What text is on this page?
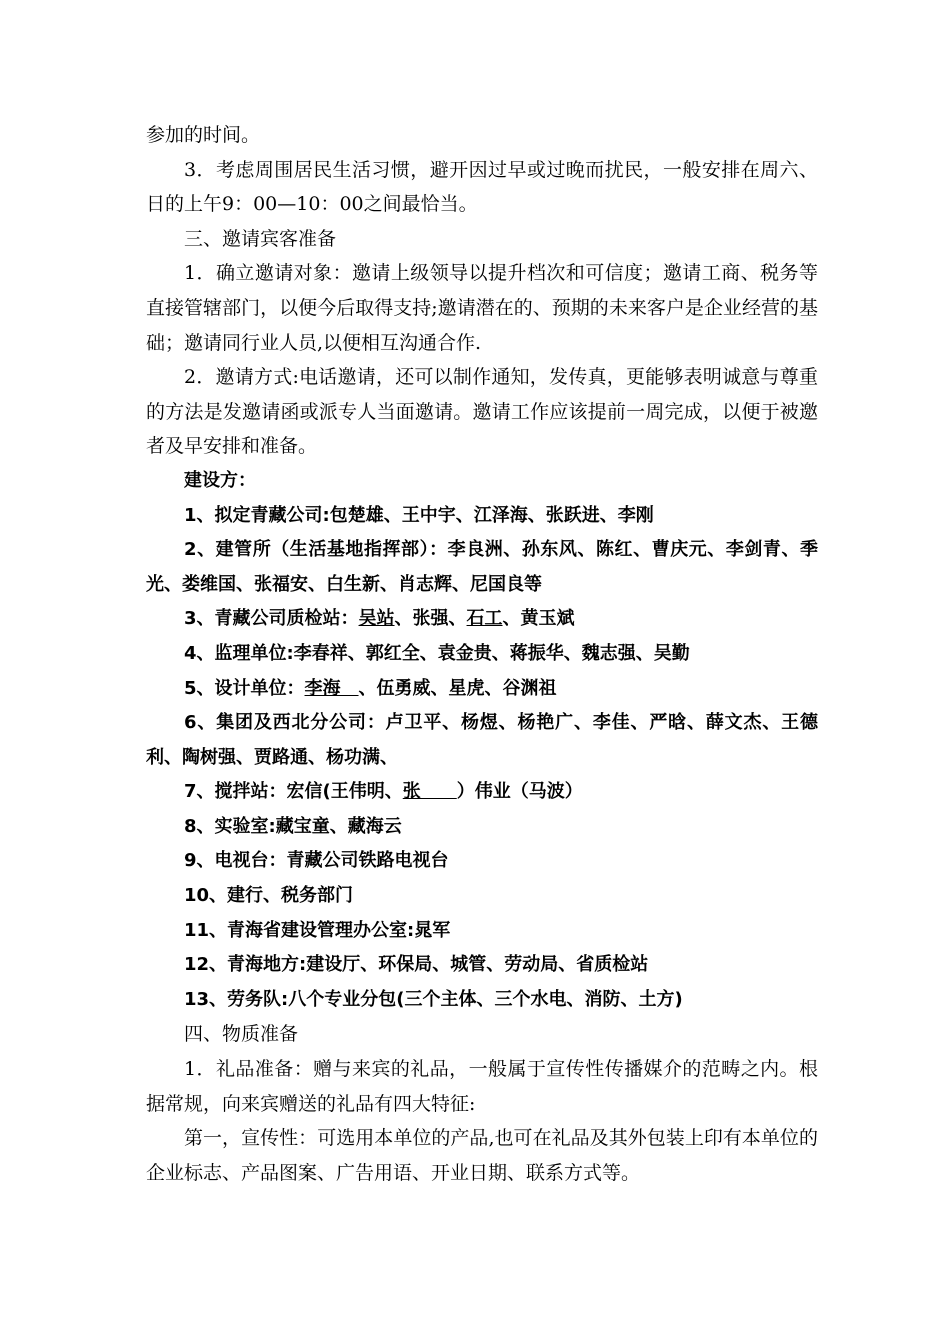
参加的时间。

3．考虑周围居民生活习惯，避开因过早或过晚而扰民，一般安排在周六、日的上午9：00—10：00之间最恰当。

三、邀请宾客准备

1．确立邀请对象：邀请上级领导以提升档次和可信度；邀请工商、税务等直接管辖部门，以便今后取得支持;邀请潜在的、预期的未来客户是企业经营的基础；邀请同行业人员,以便相互沟通合作.

2．邀请方式:电话邀请，还可以制作通知，发传真，更能够表明诚意与尊重的方法是发邀请函或派专人当面邀请。邀请工作应该提前一周完成，以便于被邀者及早安排和准备。

建设方：

1、拟定青藏公司:包楚雄、王中宇、江泽海、张跃进、李刚

2、建管所（生活基地指挥部）：李良洲、孙东风、陈红、曹庆元、李剑青、季光、娄维国、张福安、白生新、肖志辉、尼国良等

3、青藏公司质检站：吴站、张强、石工、黄玉斌

4、监理单位:李春祥、郭红全、袁金贵、蒋振华、魏志强、吴勤

5、设计单位：李海　、伍勇威、星虎、谷渊祖

6、集团及西北分公司：卢卫平、杨煜、杨艳广、李佳、严晗、薛文杰、王德利、陶树强、贾路通、杨功满、

7、搅拌站：宏信(王伟明、张　　）伟业（马波）

8、实验室:藏宝童、藏海云

9、电视台：青藏公司铁路电视台

10、建行、税务部门

11、青海省建设管理办公室:晁军

12、青海地方:建设厅、环保局、城管、劳动局、省质检站

13、劳务队:八个专业分包(三个主体、三个水电、消防、土方)

四、物质准备

1．礼品准备：赠与来宾的礼品，一般属于宣传性传播媒介的范畴之内。根据常规，向来宾赠送的礼品有四大特征:

第一，宣传性：可选用本单位的产品,也可在礼品及其外包装上印有本单位的企业标志、产品图案、广告用语、开业日期、联系方式等。
